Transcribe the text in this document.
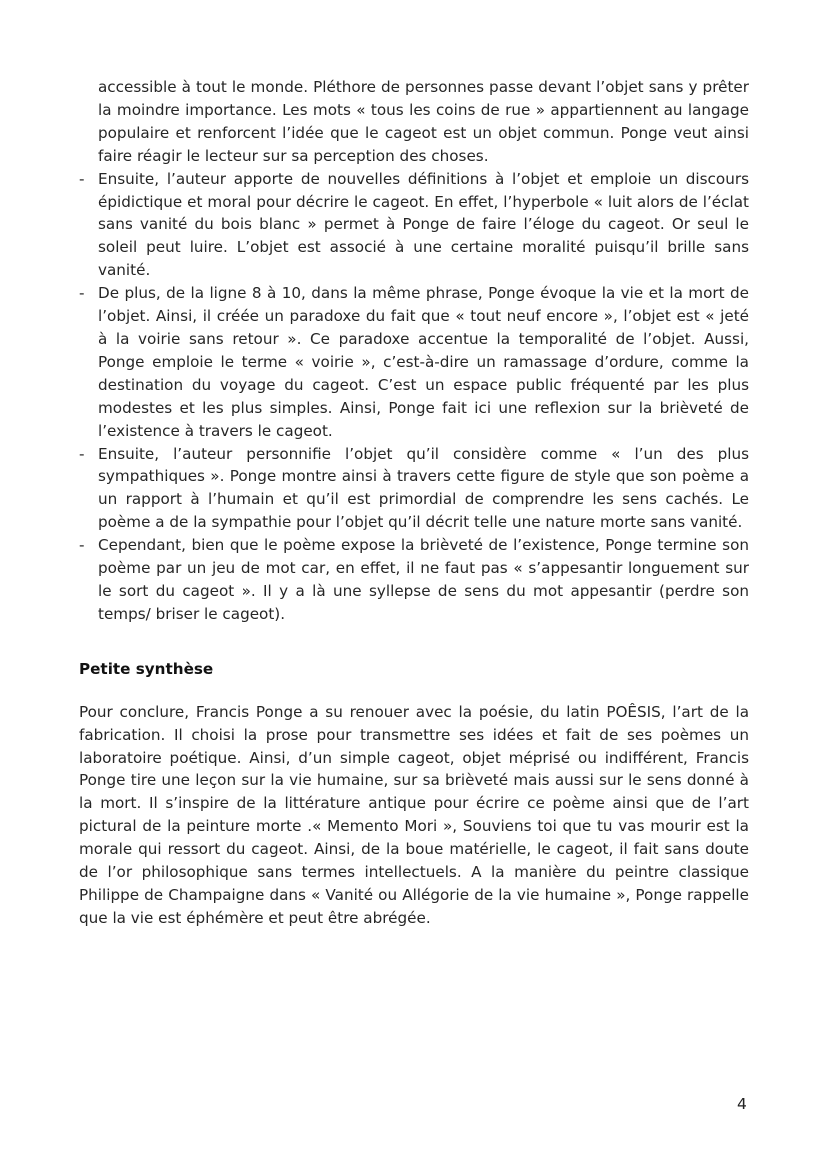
accessible à tout le monde. Pléthore de personnes passe devant l’objet sans y prêter la moindre importance. Les mots « tous les coins de rue » appartiennent au langage populaire et renforcent l’idée que le cageot est un objet commun. Ponge veut ainsi faire réagir le lecteur sur sa perception des choses.

- Ensuite, l’auteur apporte de nouvelles définitions à l’objet et emploie un discours épidictique et moral pour décrire le cageot. En effet, l’hyperbole « luit alors de l’éclat sans vanité du bois blanc » permet à Ponge de faire l’éloge du cageot. Or seul le soleil peut luire. L’objet est associé à une certaine moralité puisqu’il brille sans vanité.
- De plus, de la ligne 8 à 10, dans la même phrase, Ponge évoque la vie et la mort de l’objet. Ainsi, il créée un paradoxe du fait que « tout neuf encore », l’objet est « jeté à la voirie sans retour ». Ce paradoxe accentue la temporalité de l’objet. Aussi, Ponge emploie le terme « voirie », c’est-à-dire un ramassage d’ordure, comme la destination du voyage du cageot. C’est un espace public fréquenté par les plus modestes et les plus simples. Ainsi, Ponge fait ici une reflexion sur la brièveté de l’existence à travers le cageot.
- Ensuite, l’auteur personnifie l’objet qu’il considère comme « l’un des plus sympathiques ». Ponge montre ainsi à travers cette figure de style que son poème a un rapport à l’humain et qu’il est primordial de comprendre les sens cachés. Le poème a de la sympathie pour l’objet qu’il décrit telle une nature morte sans vanité.
- Cependant, bien que le poème expose la brièveté de l’existence, Ponge termine son poème par un jeu de mot car, en effet, il ne faut pas « s’appesantir longuement sur le sort du cageot ». Il y a là une syllepse de sens du mot appesantir (perdre son temps/ briser le cageot).
Petite synthèse

Pour conclure, Francis Ponge a su renouer avec la poésie, du latin POÊSIS, l’art de la fabrication. Il choisi la prose pour transmettre ses idées et fait de ses poèmes un laboratoire poétique. Ainsi, d’un simple cageot, objet méprisé ou indifférent, Francis Ponge tire une leçon sur la vie humaine, sur sa brièveté mais aussi sur le sens donné à la mort. Il s’inspire de la littérature antique pour écrire ce poème ainsi que de l’art pictural de la peinture morte .« Memento Mori », Souviens toi que tu vas mourir est la morale qui ressort du cageot. Ainsi, de la boue matérielle, le cageot, il fait sans doute de l’or philosophique sans termes intellectuels. A la manière du peintre classique Philippe de Champaigne dans « Vanité ou Allégorie de la vie humaine », Ponge rappelle que la vie est éphémère et peut être abrégée.

4
